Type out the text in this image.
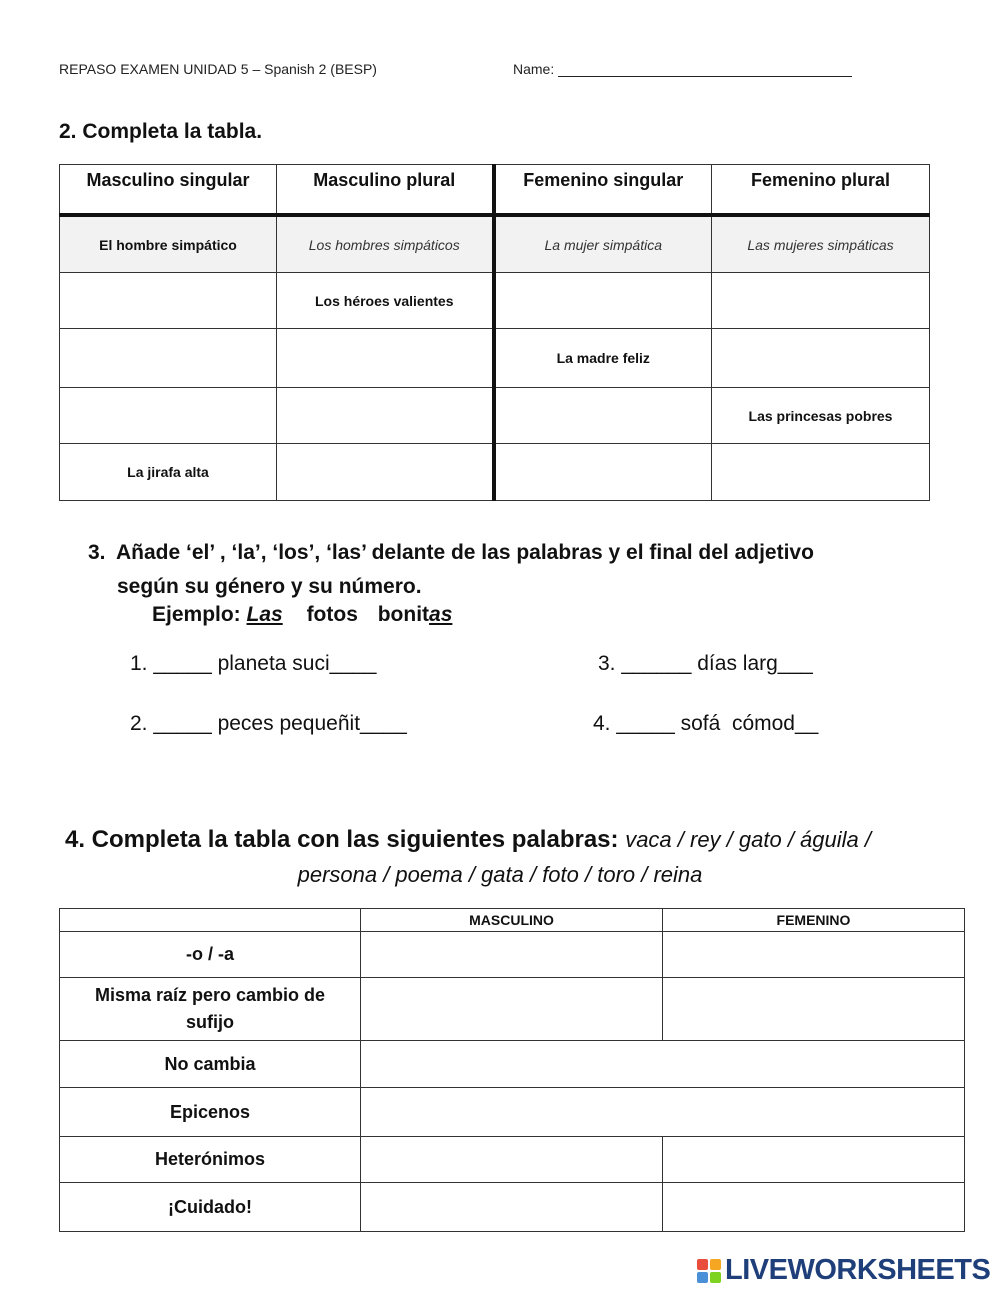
REPASO EXAMEN UNIDAD 5 – Spanish 2 (BESP)	Name:
2. Completa la tabla.
Masculino singular	Masculino plural	Femenino singular	Femenino plural
El hombre simpático	Los hombres simpáticos	La mujer simpática	Las mujeres simpáticas
	Los héroes valientes		
		La madre feliz	
			Las princesas pobres
La jirafa alta			
3. Añade ‘el’ , ‘la’, ‘los’, ‘las’ delante de las palabras y el final del adjetivo
según su género y su número.
Ejemplo: Las fotos bonitas
1. _____ planeta suci____
2. _____ peces pequeñit____
3. ______ días larg___
4. _____ sofá  cómod__
4. Completa la tabla con las siguientes palabras: vaca / rey / gato / águila /
persona / poema / gata / foto / toro / reina
	MASCULINO	FEMENINO
-o / -a		
Misma raíz pero cambio de sufijo		
No cambia		
Epicenos		
Heterónimos		
¡Cuidado!		
LIVEWORKSHEETS
